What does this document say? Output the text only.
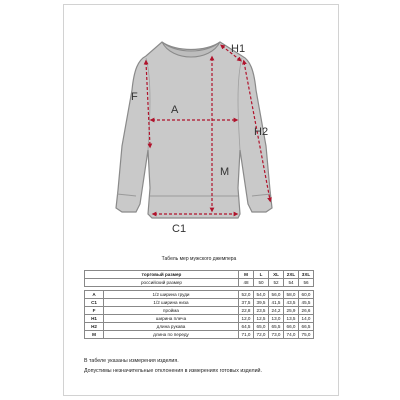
A
C1
F
H1
H2
M
Табель мер мужского джемпера
торговый размер		M	L	XL	2XL	3XL
российский размер		48	50	52	54	56

A	1/2 ширина груди	52,0	54,0	56,0	58,0	60,0
C1	1/2 ширина низа	37,5	39,5	41,5	43,5	45,5
F	пройма	22,8	23,5	24,2	25,9	26,6
H1	ширина плеча	12,0	12,5	13,0	13,5	14,0
H2	длина рукава	64,5	65,0	65,5	66,0	66,5
M	длина по переду	71,0	72,0	73,0	74,0	75,0
В табеле указаны измерения изделия.
Допустимы незначительные отклонения в измерениях готовых изделий.
